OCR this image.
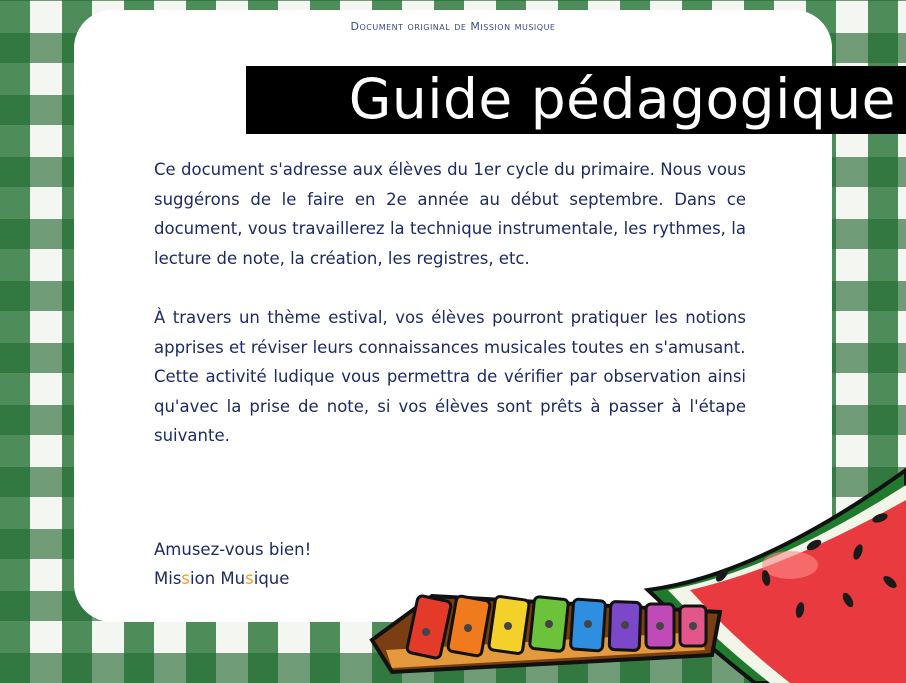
Document original de Mission musique
Guide pédagogique

Ce document s'adresse aux élèves du 1er cycle du primaire. Nous vous suggérons de le faire en 2e année au début septembre. Dans ce document, vous travaillerez la technique instrumentale, les rythmes, la lecture de note, la création, les registres, etc.

À travers un thème estival, vos élèves pourront pratiquer les notions apprises et réviser leurs connaissances musicales toutes en s'amusant.

Cette activité ludique vous permettra de vérifier par observation ainsi qu'avec la prise de note, si vos élèves sont prêts à passer à l'étape suivante.

Amusez-vous bien!
Mission Musique
